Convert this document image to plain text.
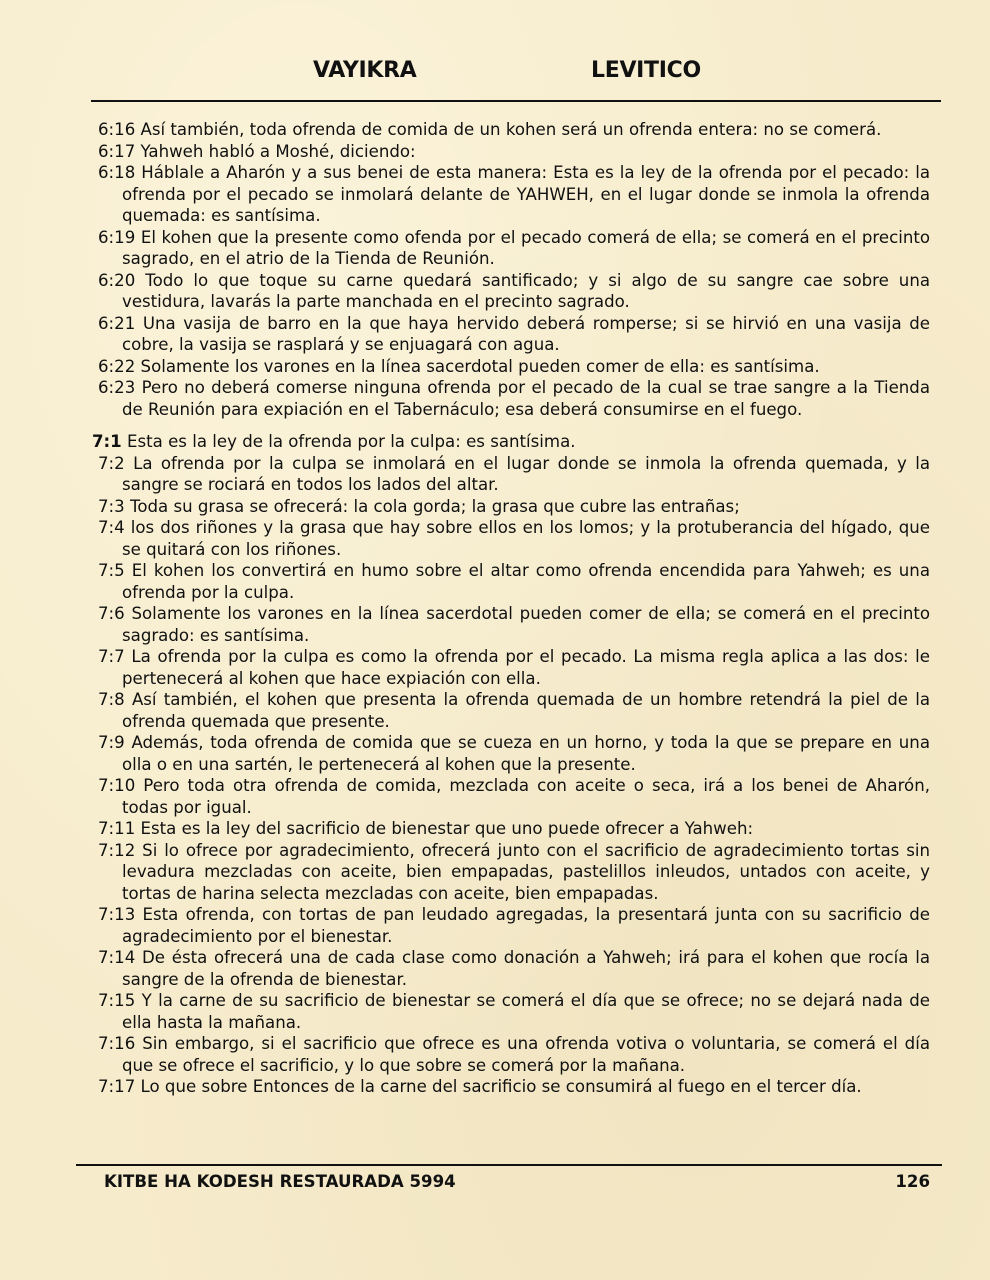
VAYIKRA	LEVITICO
6:16 Así también, toda ofrenda de comida de un kohen será un ofrenda entera: no se comerá.
6:17 Yahweh habló a Moshé, diciendo:
6:18 Háblale a Aharón y a sus benei de esta manera: Esta es la ley de la ofrenda por el pecado: la ofrenda por el pecado se inmolará delante de YAHWEH, en el lugar donde se inmola la ofrenda quemada: es santísima.
6:19 El kohen que la presente como ofenda por el pecado comerá de ella; se comerá en el precinto sagrado, en el atrio de la Tienda de Reunión.
6:20 Todo lo que toque su carne quedará santificado; y si algo de su sangre cae sobre una vestidura, lavarás la parte manchada en el precinto sagrado.
6:21 Una vasija de barro en la que haya hervido deberá romperse; si se hirvió en una vasija de cobre, la vasija se rasplará y se enjuagará con agua.
6:22 Solamente los varones en la línea sacerdotal pueden comer de ella: es santísima.
6:23 Pero no deberá comerse ninguna ofrenda por el pecado de la cual se trae sangre a la Tienda de Reunión para expiación en el Tabernáculo; esa deberá consumirse en el fuego.
7:1 Esta es la ley de la ofrenda por la culpa: es santísima.
7:2 La ofrenda por la culpa se inmolará en el lugar donde se inmola la ofrenda quemada, y la sangre se rociará en todos los lados del altar.
7:3 Toda su grasa se ofrecerá: la cola gorda; la grasa que cubre las entrañas;
7:4 los dos riñones y la grasa que hay sobre ellos en los lomos; y la protuberancia del hígado, que se quitará con los riñones.
7:5 El kohen los convertirá en humo sobre el altar como ofrenda encendida para Yahweh; es una ofrenda por la culpa.
7:6 Solamente los varones en la línea sacerdotal pueden comer de ella; se comerá en el precinto sagrado: es santísima.
7:7 La ofrenda por la culpa es como la ofrenda por el pecado. La misma regla aplica a las dos: le pertenecerá al kohen que hace expiación con ella.
7:8 Así también, el kohen que presenta la ofrenda quemada de un hombre retendrá la piel de la ofrenda quemada que presente.
7:9 Además, toda ofrenda de comida que se cueza en un horno, y toda la que se prepare en una olla o en una sartén, le pertenecerá al kohen que la presente.
7:10 Pero toda otra ofrenda de comida, mezclada con aceite o seca, irá a los benei de Aharón, todas por igual.
7:11 Esta es la ley del sacrificio de bienestar que uno puede ofrecer a Yahweh:
7:12 Si lo ofrece por agradecimiento, ofrecerá junto con el sacrificio de agradecimiento tortas sin levadura mezcladas con aceite, bien empapadas, pastelillos inleudos, untados con aceite, y tortas de harina selecta mezcladas con aceite, bien empapadas.
7:13 Esta ofrenda, con tortas de pan leudado agregadas, la presentará junta con su sacrificio de agradecimiento por el bienestar.
7:14 De ésta ofrecerá una de cada clase como donación a Yahweh; irá para el kohen que rocía la sangre de la ofrenda de bienestar.
7:15 Y la carne de su sacrificio de bienestar se comerá el día que se ofrece; no se dejará nada de ella hasta la mañana.
7:16 Sin embargo, si el sacrificio que ofrece es una ofrenda votiva o voluntaria, se comerá el día que se ofrece el sacrificio, y lo que sobre se comerá por la mañana.
7:17 Lo que sobre Entonces de la carne del sacrificio se consumirá al fuego en el tercer día.
KITBE HA KODESH RESTAURADA 5994	126
